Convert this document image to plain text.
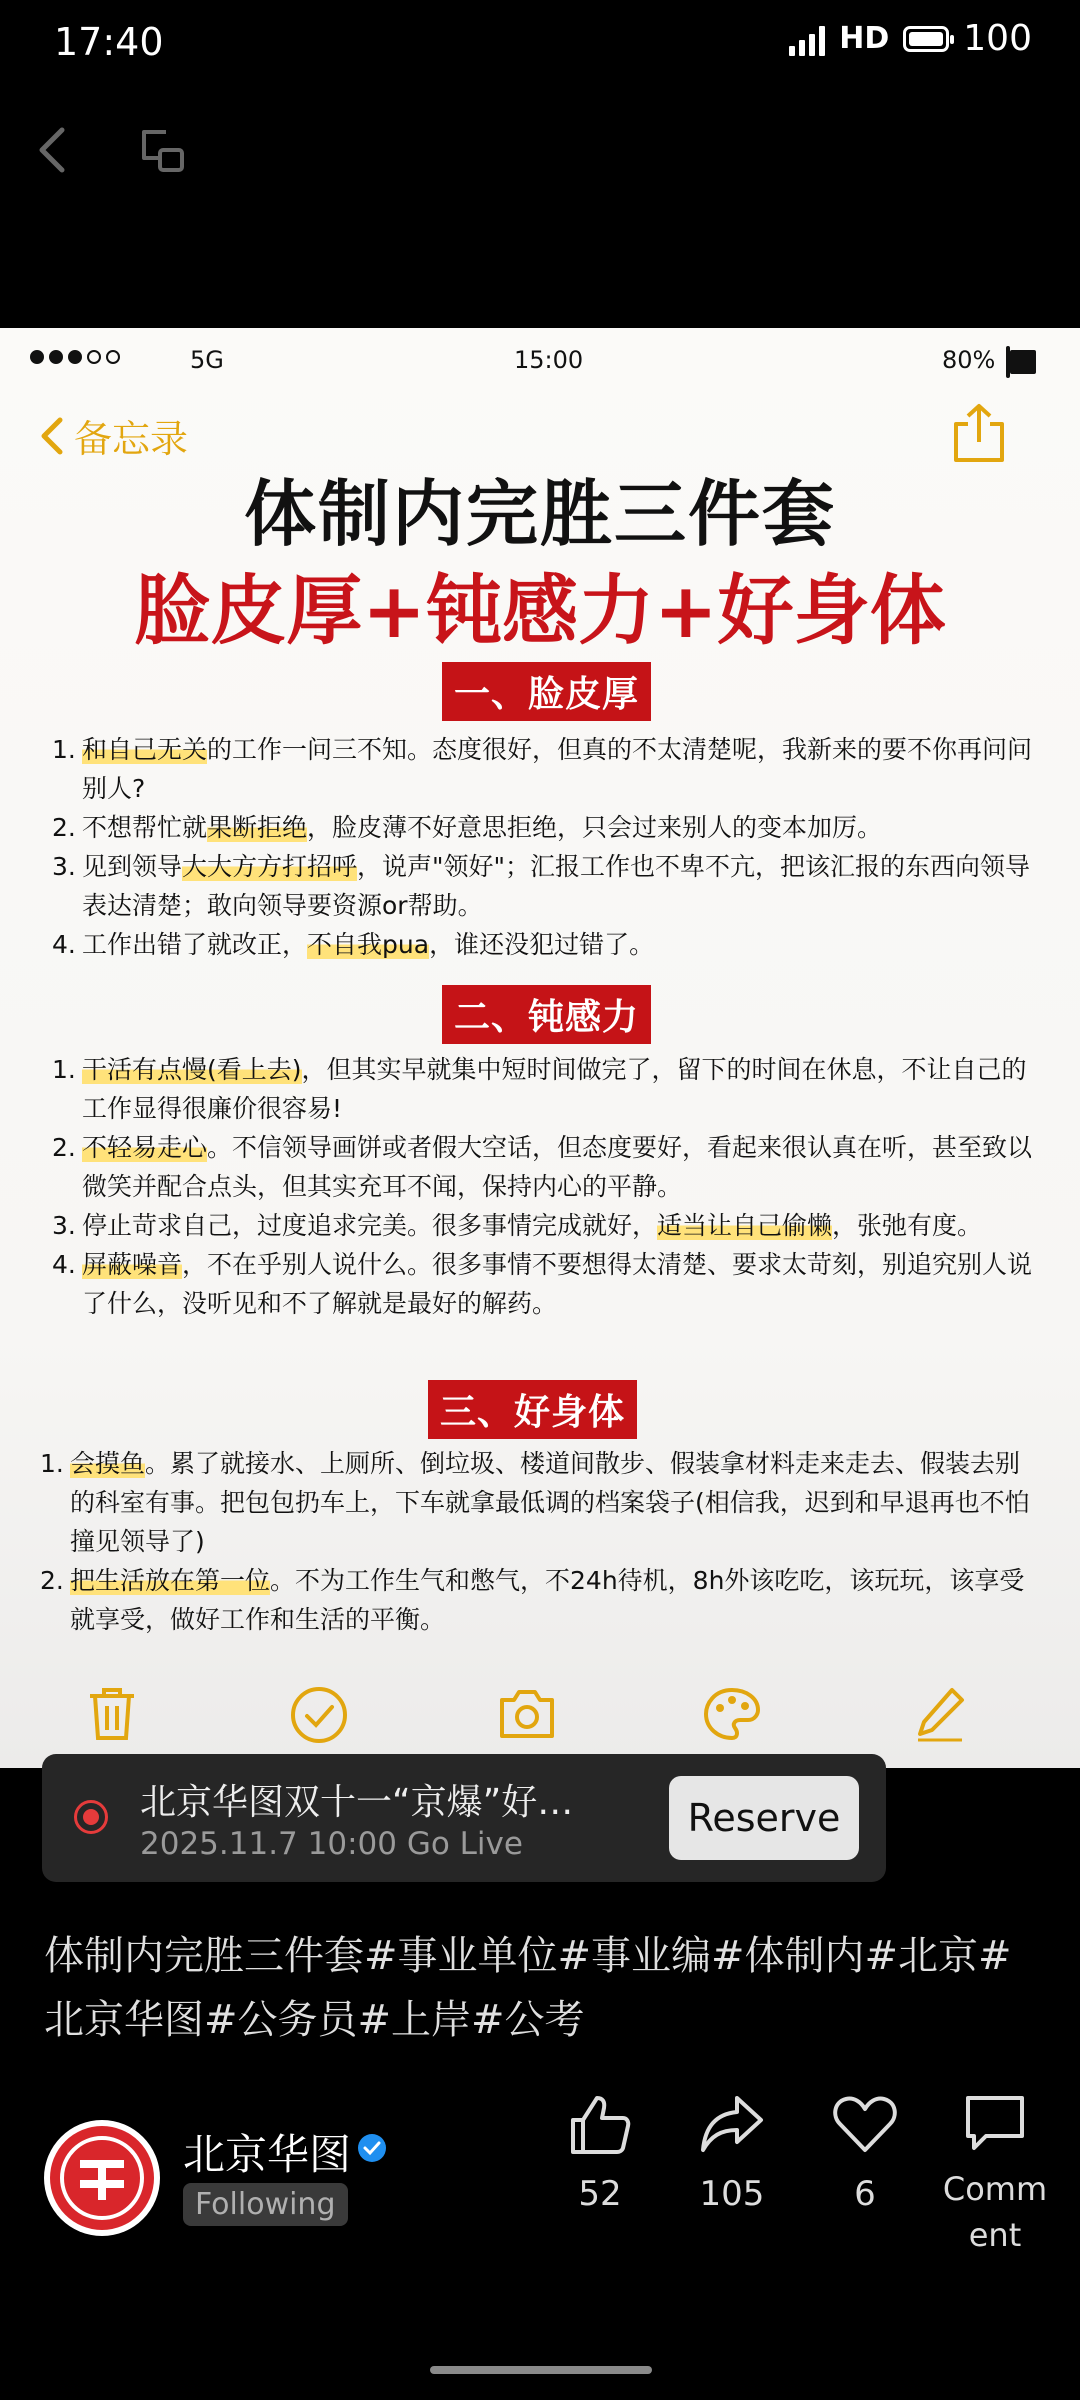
17:40	HD 100
5G	15:00	80%
备忘录
体制内完胜三件套
脸皮厚+钝感力+好身体
一、脸皮厚
1. 和自己无关的工作一问三不知。态度很好，但真的不太清楚呢，我新来的要不你再问问别人?
2. 不想帮忙就果断拒绝，脸皮薄不好意思拒绝，只会过来别人的变本加厉。
3. 见到领导大大方方打招呼，说声"领好"；汇报工作也不卑不亢，把该汇报的东西向领导表达清楚；敢向领导要资源or帮助。
4. 工作出错了就改正，不自我pua，谁还没犯过错了。
二、钝感力
1. 干活有点慢(看上去)，但其实早就集中短时间做完了，留下的时间在休息，不让自己的工作显得很廉价很容易!
2. 不轻易走心。不信领导画饼或者假大空话，但态度要好，看起来很认真在听，甚至致以微笑并配合点头，但其实充耳不闻，保持内心的平静。
3. 停止苛求自己，过度追求完美。很多事情完成就好，适当让自己偷懒，张弛有度。
4. 屏蔽噪音，不在乎别人说什么。很多事情不要想得太清楚、要求太苛刻，别追究别人说了什么，没听见和不了解就是最好的解药。
三、好身体
1. 会摸鱼。累了就接水、上厕所、倒垃圾、楼道间散步、假装拿材料走来走去、假装去别的科室有事。把包包扔车上，下车就拿最低调的档案袋子(相信我，迟到和早退再也不怕撞见领导了)
2. 把生活放在第一位。不为工作生气和憋气，不24h待机，8h外该吃吃，该玩玩，该享受就享受，做好工作和生活的平衡。
北京华图双十一“京爆”好…
2025.11.7 10:00 Go Live
Reserve
体制内完胜三件套#事业单位#事业编#体制内#北京#北京华图#公务员#上岸#公考
北京华图
Following	52	105	6	Comment
